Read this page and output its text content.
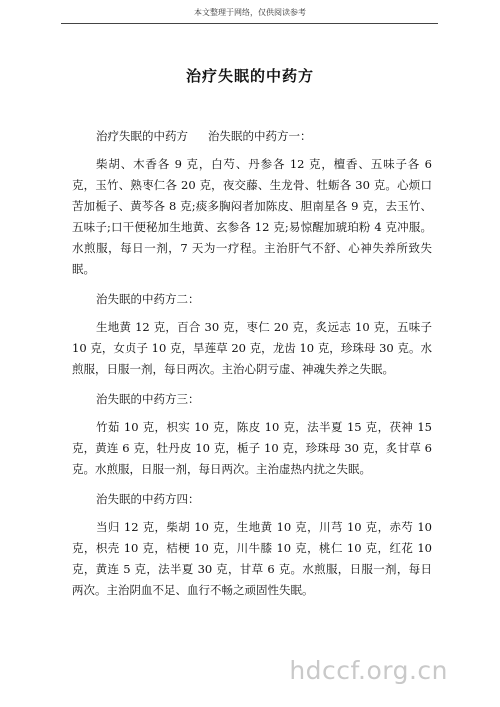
本文整理于网络，仅供阅读参考
治疗失眠的中药方

治疗失眠的中药方 治失眠的中药方一：

柴胡、木香各 9 克，白芍、丹参各 12 克，檀香、五味子各 6 克，玉竹、熟枣仁各 20 克，夜交藤、生龙骨、牡蛎各 30 克。心烦口苦加栀子、黄芩各 8 克;痰多胸闷者加陈皮、胆南星各 9 克，去玉竹、五味子;口干便秘加生地黄、玄参各 12 克;易惊醒加琥珀粉 4 克冲服。水煎服，每日一剂，7 天为一疗程。主治肝气不舒、心神失养所致失眠。

治失眠的中药方二：

生地黄 12 克，百合 30 克，枣仁 20 克，炙远志 10 克，五味子 10 克，女贞子 10 克，旱莲草 20 克，龙齿 10 克，珍珠母 30 克。水煎服，日服一剂，每日两次。主治心阴亏虚、神魂失养之失眠。

治失眠的中药方三：

竹茹 10 克，枳实 10 克，陈皮 10 克，法半夏 15 克，茯神 15 克，黄连 6 克，牡丹皮 10 克，栀子 10 克，珍珠母 30 克，炙甘草 6 克。水煎服，日服一剂，每日两次。主治虚热内扰之失眠。

治失眠的中药方四：

当归 12 克，柴胡 10 克，生地黄 10 克，川芎 10 克，赤芍 10 克，枳壳 10 克，桔梗 10 克，川牛膝 10 克，桃仁 10 克，红花 10 克，黄连 5 克，法半夏 30 克，甘草 6 克。水煎服，日服一剂，每日两次。主治阴血不足、血行不畅之顽固性失眠。

hdccf.org.cn
